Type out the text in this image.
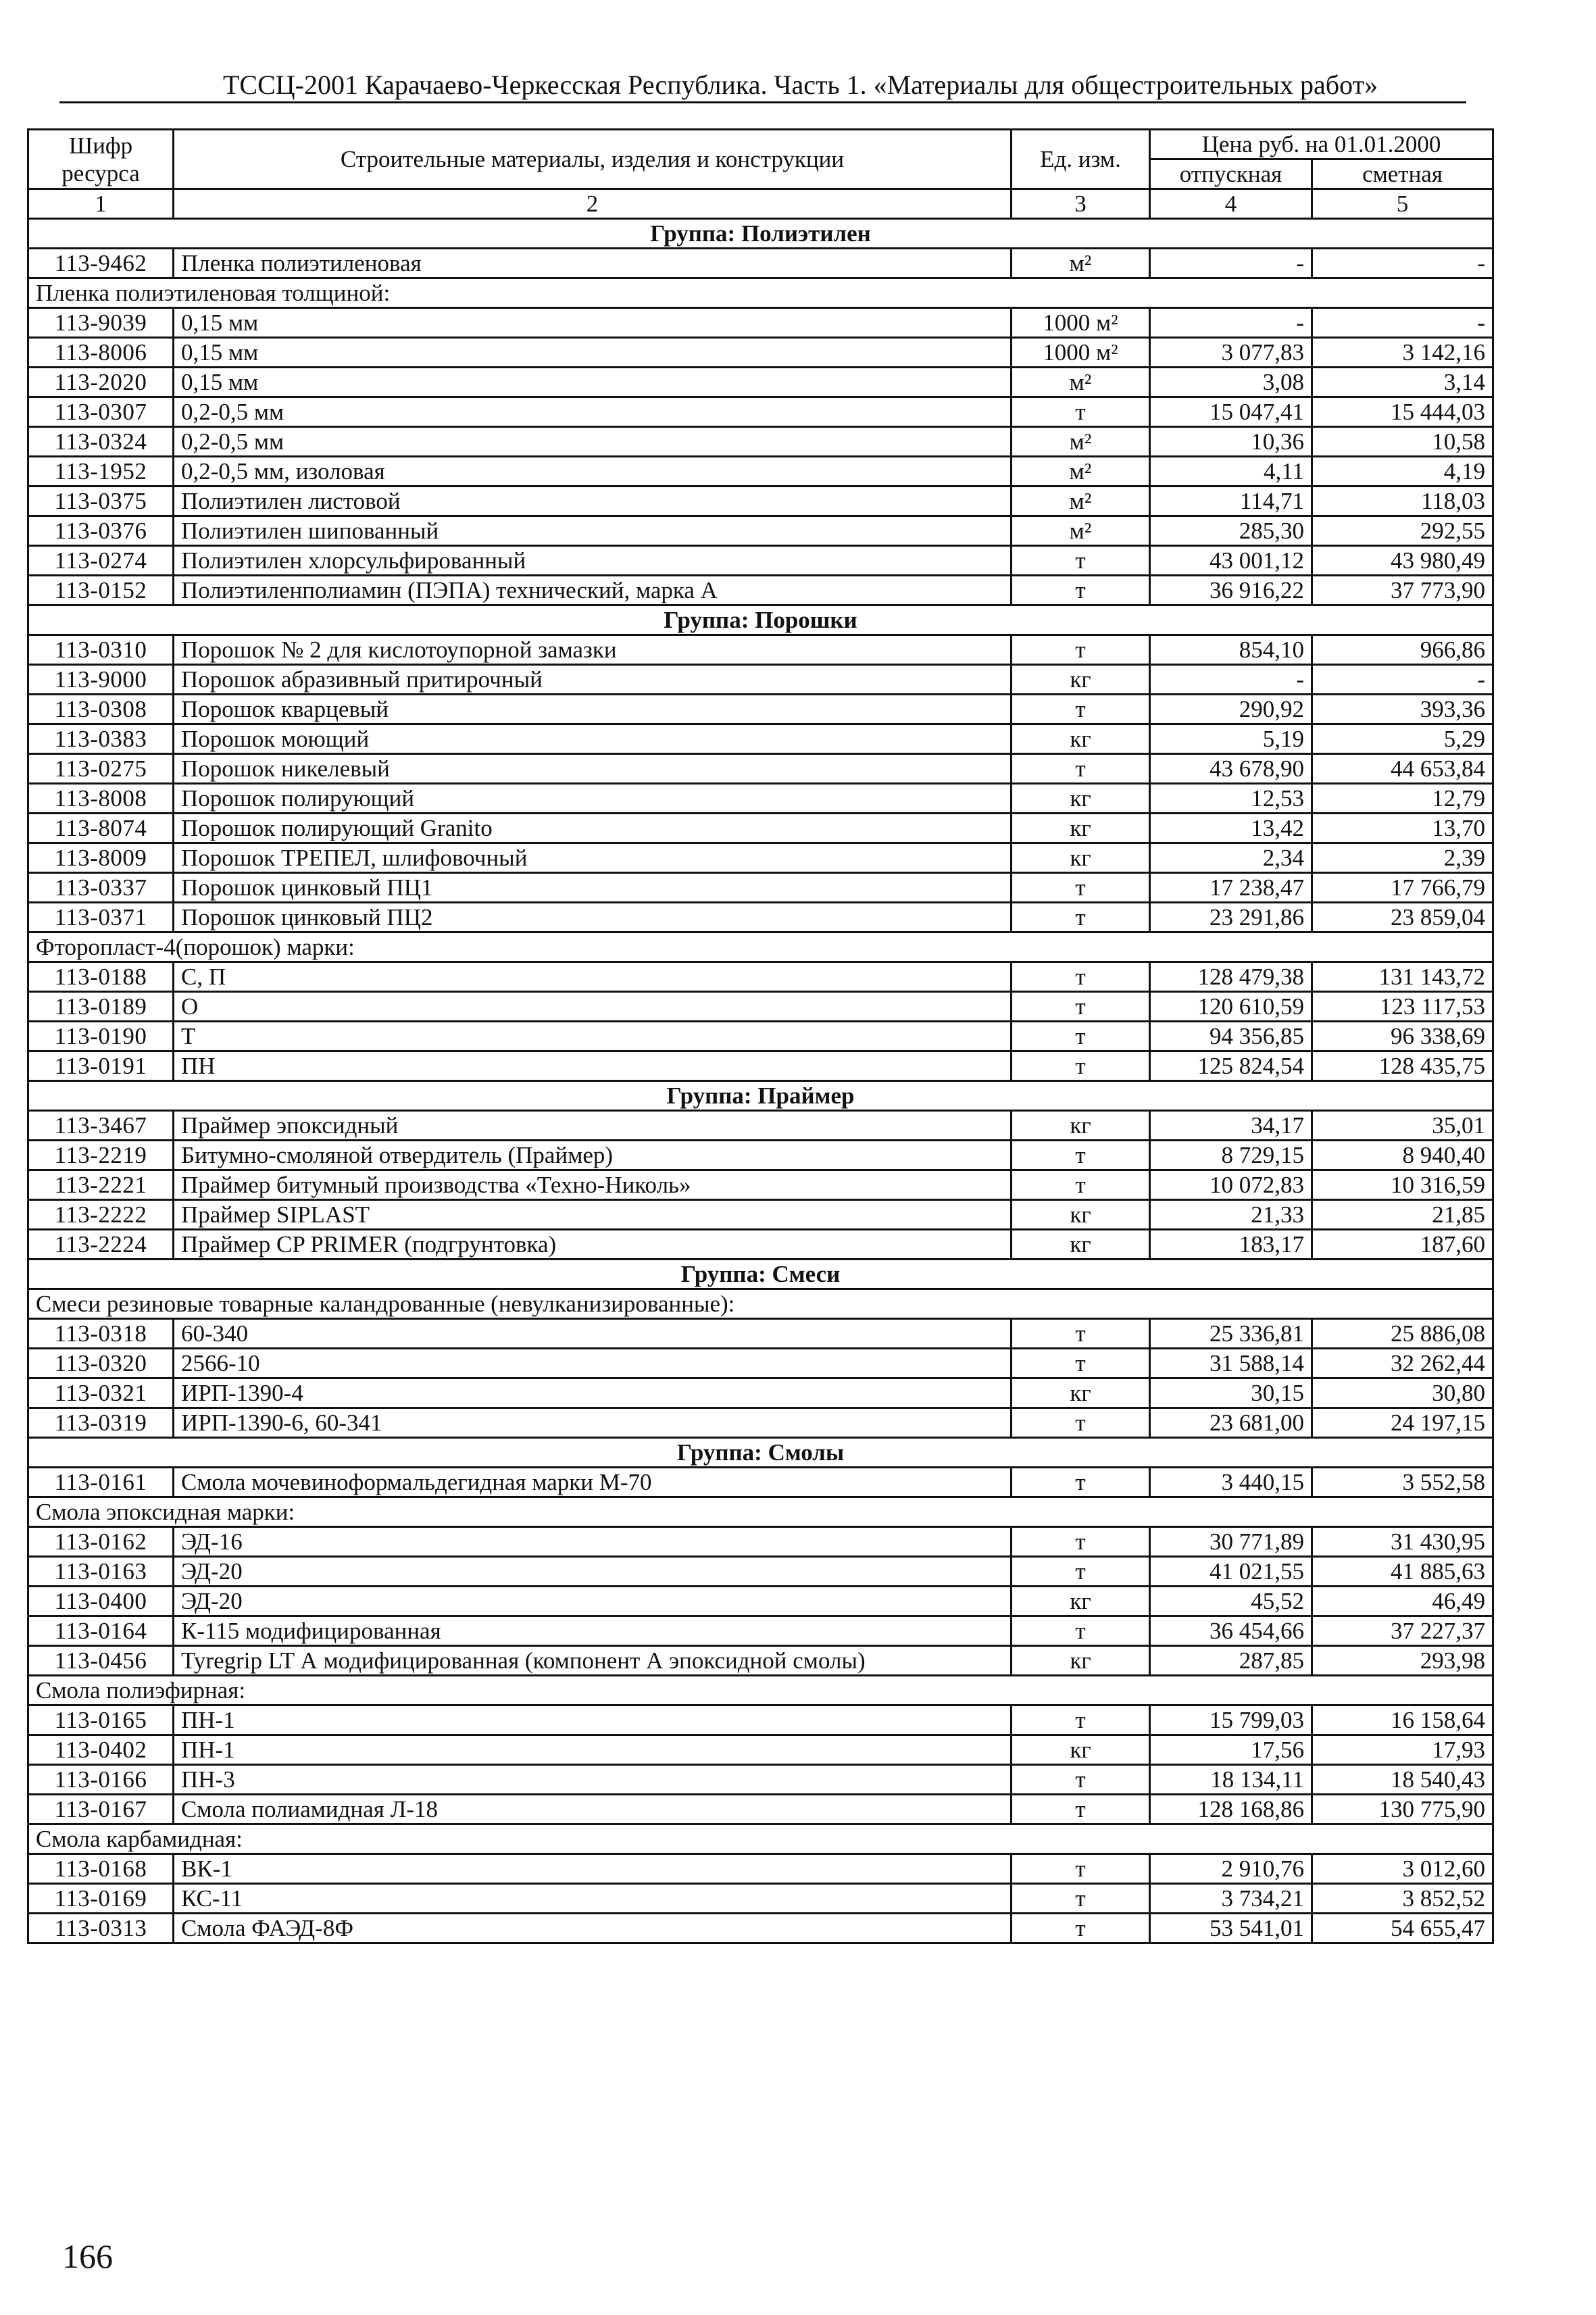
ТССЦ-2001 Карачаево-Черкесская Республика. Часть 1. «Материалы для общестроительных работ»
Шифр ресурса	Строительные материалы, изделия и конструкции	Ед. изм.	Цена руб. на 01.01.2000	
			отпускная	сметная
1	2	3	4	5
Группа: Полиэтилен				
113-9462	Пленка полиэтиленовая	м²	-	-
Пленка полиэтиленовая толщиной:				
113-9039	0,15 мм	1000 м²	-	-
113-8006	0,15 мм	1000 м²	3 077,83	3 142,16
113-2020	0,15 мм	м²	3,08	3,14
113-0307	0,2-0,5 мм	т	15 047,41	15 444,03
113-0324	0,2-0,5 мм	м²	10,36	10,58
113-1952	0,2-0,5 мм, изоловая	м²	4,11	4,19
113-0375	Полиэтилен листовой	м²	114,71	118,03
113-0376	Полиэтилен шипованный	м²	285,30	292,55
113-0274	Полиэтилен хлорсульфированный	т	43 001,12	43 980,49
113-0152	Полиэтиленполиамин (ПЭПА) технический, марка А	т	36 916,22	37 773,90
Группа: Порошки				
113-0310	Порошок № 2 для кислотоупорной замазки	т	854,10	966,86
113-9000	Порошок абразивный притирочный	кг	-	-
113-0308	Порошок кварцевый	т	290,92	393,36
113-0383	Порошок моющий	кг	5,19	5,29
113-0275	Порошок никелевый	т	43 678,90	44 653,84
113-8008	Порошок полирующий	кг	12,53	12,79
113-8074	Порошок полирующий Granito	кг	13,42	13,70
113-8009	Порошок ТРЕПЕЛ, шлифовочный	кг	2,34	2,39
113-0337	Порошок цинковый ПЦ1	т	17 238,47	17 766,79
113-0371	Порошок цинковый ПЦ2	т	23 291,86	23 859,04
Фторопласт-4(порошок) марки:				
113-0188	С, П	т	128 479,38	131 143,72
113-0189	О	т	120 610,59	123 117,53
113-0190	Т	т	94 356,85	96 338,69
113-0191	ПН	т	125 824,54	128 435,75
Группа: Праймер				
113-3467	Праймер эпоксидный	кг	34,17	35,01
113-2219	Битумно-смоляной отвердитель (Праймер)	т	8 729,15	8 940,40
113-2221	Праймер битумный производства «Техно-Николь»	т	10 072,83	10 316,59
113-2222	Праймер SIPLAST	кг	21,33	21,85
113-2224	Праймер CP PRIMER (подгрунтовка)	кг	183,17	187,60
Группа: Смеси				
Смеси резиновые товарные каландрованные (невулканизированные):				
113-0318	60-340	т	25 336,81	25 886,08
113-0320	2566-10	т	31 588,14	32 262,44
113-0321	ИРП-1390-4	кг	30,15	30,80
113-0319	ИРП-1390-6, 60-341	т	23 681,00	24 197,15
Группа: Смолы				
113-0161	Смола мочевиноформальдегидная марки М-70	т	3 440,15	3 552,58
Смола эпоксидная марки:				
113-0162	ЭД-16	т	30 771,89	31 430,95
113-0163	ЭД-20	т	41 021,55	41 885,63
113-0400	ЭД-20	кг	45,52	46,49
113-0164	К-115 модифицированная	т	36 454,66	37 227,37
113-0456	Tyregrip LT А модифицированная (компонент А эпоксидной смолы)	кг	287,85	293,98
Смола полиэфирная:				
113-0165	ПН-1	т	15 799,03	16 158,64
113-0402	ПН-1	кг	17,56	17,93
113-0166	ПН-3	т	18 134,11	18 540,43
113-0167	Смола полиамидная Л-18	т	128 168,86	130 775,90
Смола карбамидная:				
113-0168	ВК-1	т	2 910,76	3 012,60
113-0169	КС-11	т	3 734,21	3 852,52
113-0313	Смола ФАЭД-8Ф	т	53 541,01	54 655,47
166
